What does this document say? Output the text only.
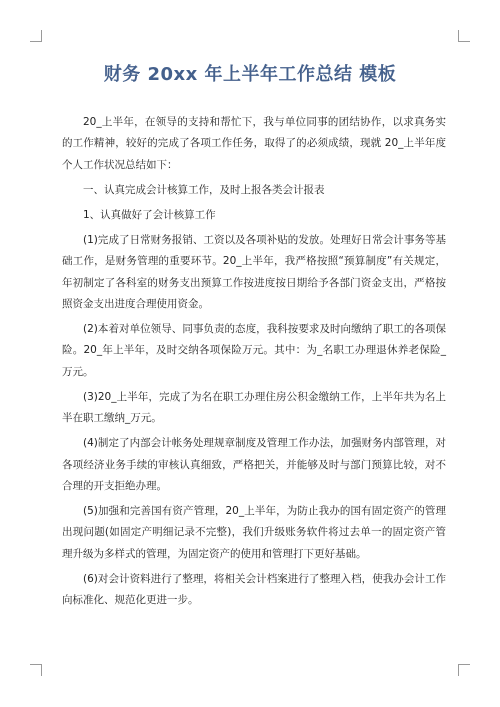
财务 20xx 年上半年工作总结 模板

20_上半年，在领导的支持和帮忙下，我与单位同事的团结协作，以求真务实的工作精神，较好的完成了各项工作任务，取得了的必须成绩，现就 20_上半年度个人工作状况总结如下：

一、认真完成会计核算工作，及时上报各类会计报表

1、认真做好了会计核算工作

(1)完成了日常财务报销、工资以及各项补贴的发放。处理好日常会计事务等基础工作，是财务管理的重要环节。20_上半年，我严格按照“预算制度”有关规定，年初制定了各科室的财务支出预算工作按进度按日期给予各部门资金支出，严格按照资金支出进度合理使用资金。

(2)本着对单位领导、同事负责的态度，我科按要求及时向缴纳了职工的各项保险。20_年上半年，及时交纳各项保险万元。其中：为_名职工办理退休养老保险_万元。

(3)20_上半年，完成了为名在职工办理住房公积金缴纳工作，上半年共为名上半在职工缴纳_万元。

(4)制定了内部会计帐务处理规章制度及管理工作办法，加强财务内部管理，对各项经济业务手续的审核认真细致，严格把关，并能够及时与部门预算比较，对不合理的开支拒绝办理。

(5)加强和完善国有资产管理，20_上半年，为防止我办的国有固定资产的管理出现问题(如固定产明细记录不完整)，我们升级账务软件将过去单一的固定资产管理升级为多样式的管理，为固定资产的使用和管理打下更好基础。

(6)对会计资料进行了整理，将相关会计档案进行了整理入档，使我办会计工作向标准化、规范化更进一步。
